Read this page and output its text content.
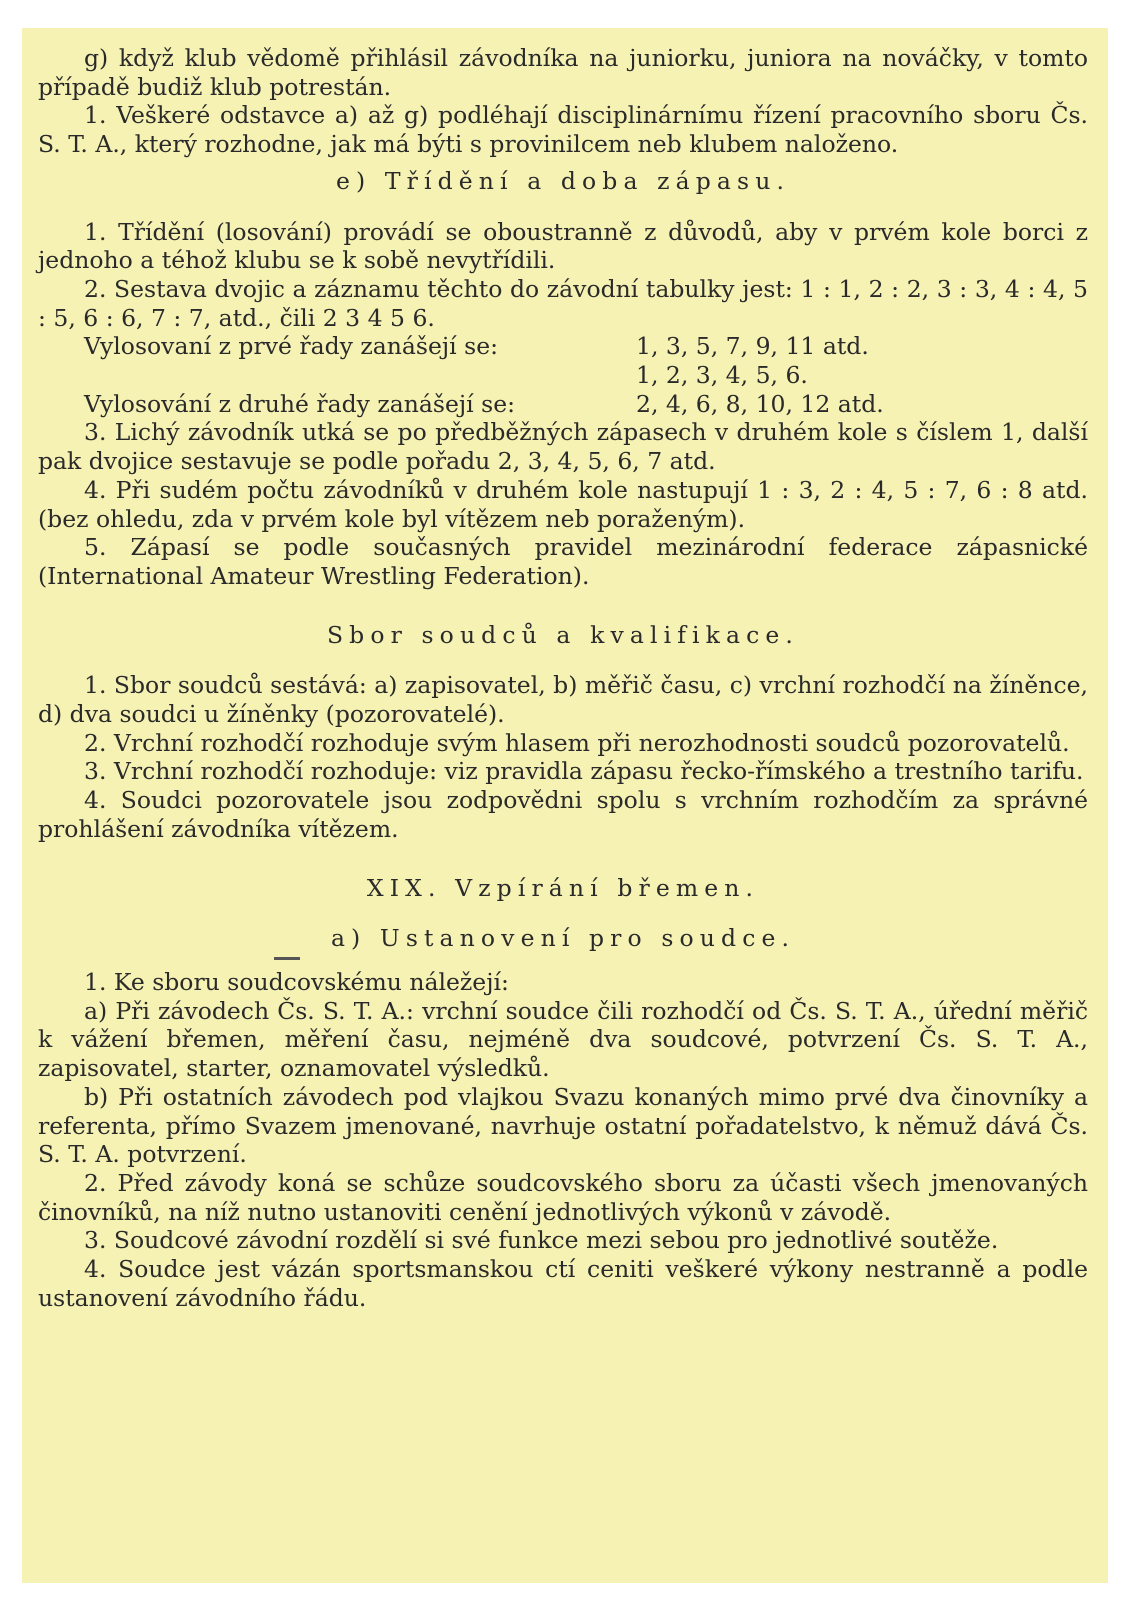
g) když klub vědomě přihlásil závodníka na juniorku, juniora na nováčky, v tomto případě budiž klub potrestán.

1. Veškeré odstavce a) až g) podléhají disciplinárnímu řízení pracovního sboru Čs. S. T. A., který rozhodne, jak má býti s provinilcem neb klubem naloženo.

e) Třídění a doba zápasu.

1. Třídění (losování) provádí se oboustranně z důvodů, aby v prvém kole borci z jednoho a téhož klubu se k sobě nevytřídili.

2. Sestava dvojic a záznamu těchto do závodní tabulky jest: 1 : 1, 2 : 2, 3 : 3, 4 : 4, 5 : 5, 6 : 6, 7 : 7, atd., čili 2 3 4 5 6.

Vylosovaní z prvé řady zanášejí se:	1, 3, 5, 7, 9, 11 atd.
1, 2, 3, 4, 5, 6.
Vylosování z druhé řady zanášejí se:	2, 4, 6, 8, 10, 12 atd.

3. Lichý závodník utká se po předběžných zápasech v druhém kole s číslem 1, další pak dvojice sestavuje se podle pořadu 2, 3, 4, 5, 6, 7 atd.

4. Při sudém počtu závodníků v druhém kole nastupují 1 : 3, 2 : 4, 5 : 7, 6 : 8 atd. (bez ohledu, zda v prvém kole byl vítězem neb poraženým).

5. Zápasí se podle současných pravidel mezinárodní federace zápasnické (International Amateur Wrestling Federation).

Sbor soudců a kvalifikace.

1. Sbor soudců sestává: a) zapisovatel, b) měřič času, c) vrchní rozhodčí na žíněnce, d) dva soudci u žíněnky (pozorovatelé).

2. Vrchní rozhodčí rozhoduje svým hlasem při nerozhodnosti soudců pozorovatelů.

3. Vrchní rozhodčí rozhoduje: viz pravidla zápasu řecko-římského a trestního tarifu.

4. Soudci pozorovatele jsou zodpovědni spolu s vrchním rozhodčím za správné prohlášení závodníka vítězem.

XIX. Vzpírání břemen.

a) Ustanovení pro soudce.

1. Ke sboru soudcovskému náležejí:

a) Při závodech Čs. S. T. A.: vrchní soudce čili rozhodčí od Čs. S. T. A., úřední měřič k vážení břemen, měření času, nejméně dva soudcové, potvrzení Čs. S. T. A., zapisovatel, starter, oznamovatel výsledků.

b) Při ostatních závodech pod vlajkou Svazu konaných mimo prvé dva činovníky a referenta, přímo Svazem jmenované, navrhuje ostatní pořadatelstvo, k němuž dává Čs. S. T. A. potvrzení.

2. Před závody koná se schůze soudcovského sboru za účasti všech jmenovaných činovníků, na níž nutno ustanoviti cenění jednotlivých výkonů v závodě.

3. Soudcové závodní rozdělí si své funkce mezi sebou pro jednotlivé soutěže.

4. Soudce jest vázán sportsmanskou ctí ceniti veškeré výkony nestranně a podle ustanovení závodního řádu.
